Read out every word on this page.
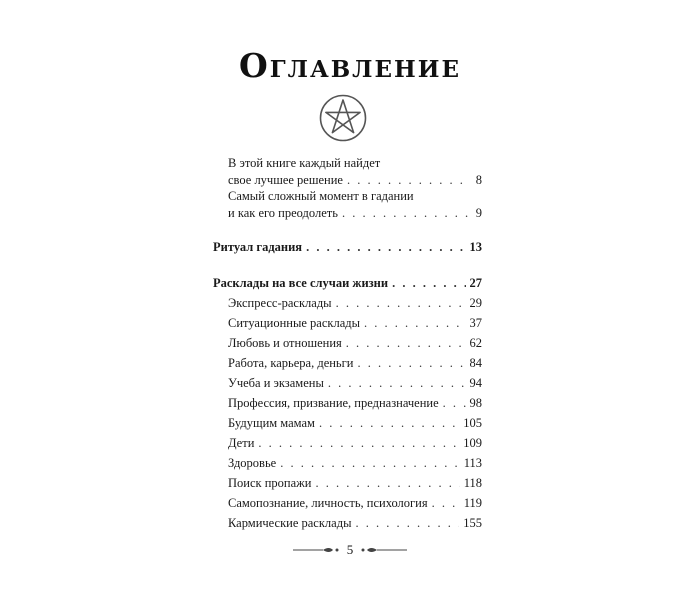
Оглавление
В этой книге каждый найдет
свое лучшее решение . . .	8
Самый сложный момент в гадании
и как его преодолеть . . .	9
Ритуал гадания . . .	13
Расклады на все случаи жизни . . .	27
Экспресс-расклады . . .	29
Ситуационные расклады . . .	37
Любовь и отношения . . .	62
Работа, карьера, деньги . . .	84
Учеба и экзамены . . .	94
Профессия, призвание, предназначение . . . 98
Будущим мамам . . .	105
Дети . . .	109
Здоровье . . .	113
Поиск пропажи . . .	118
Самопознание, личность, психология . . .	119
Кармические расклады . . .	155
5
